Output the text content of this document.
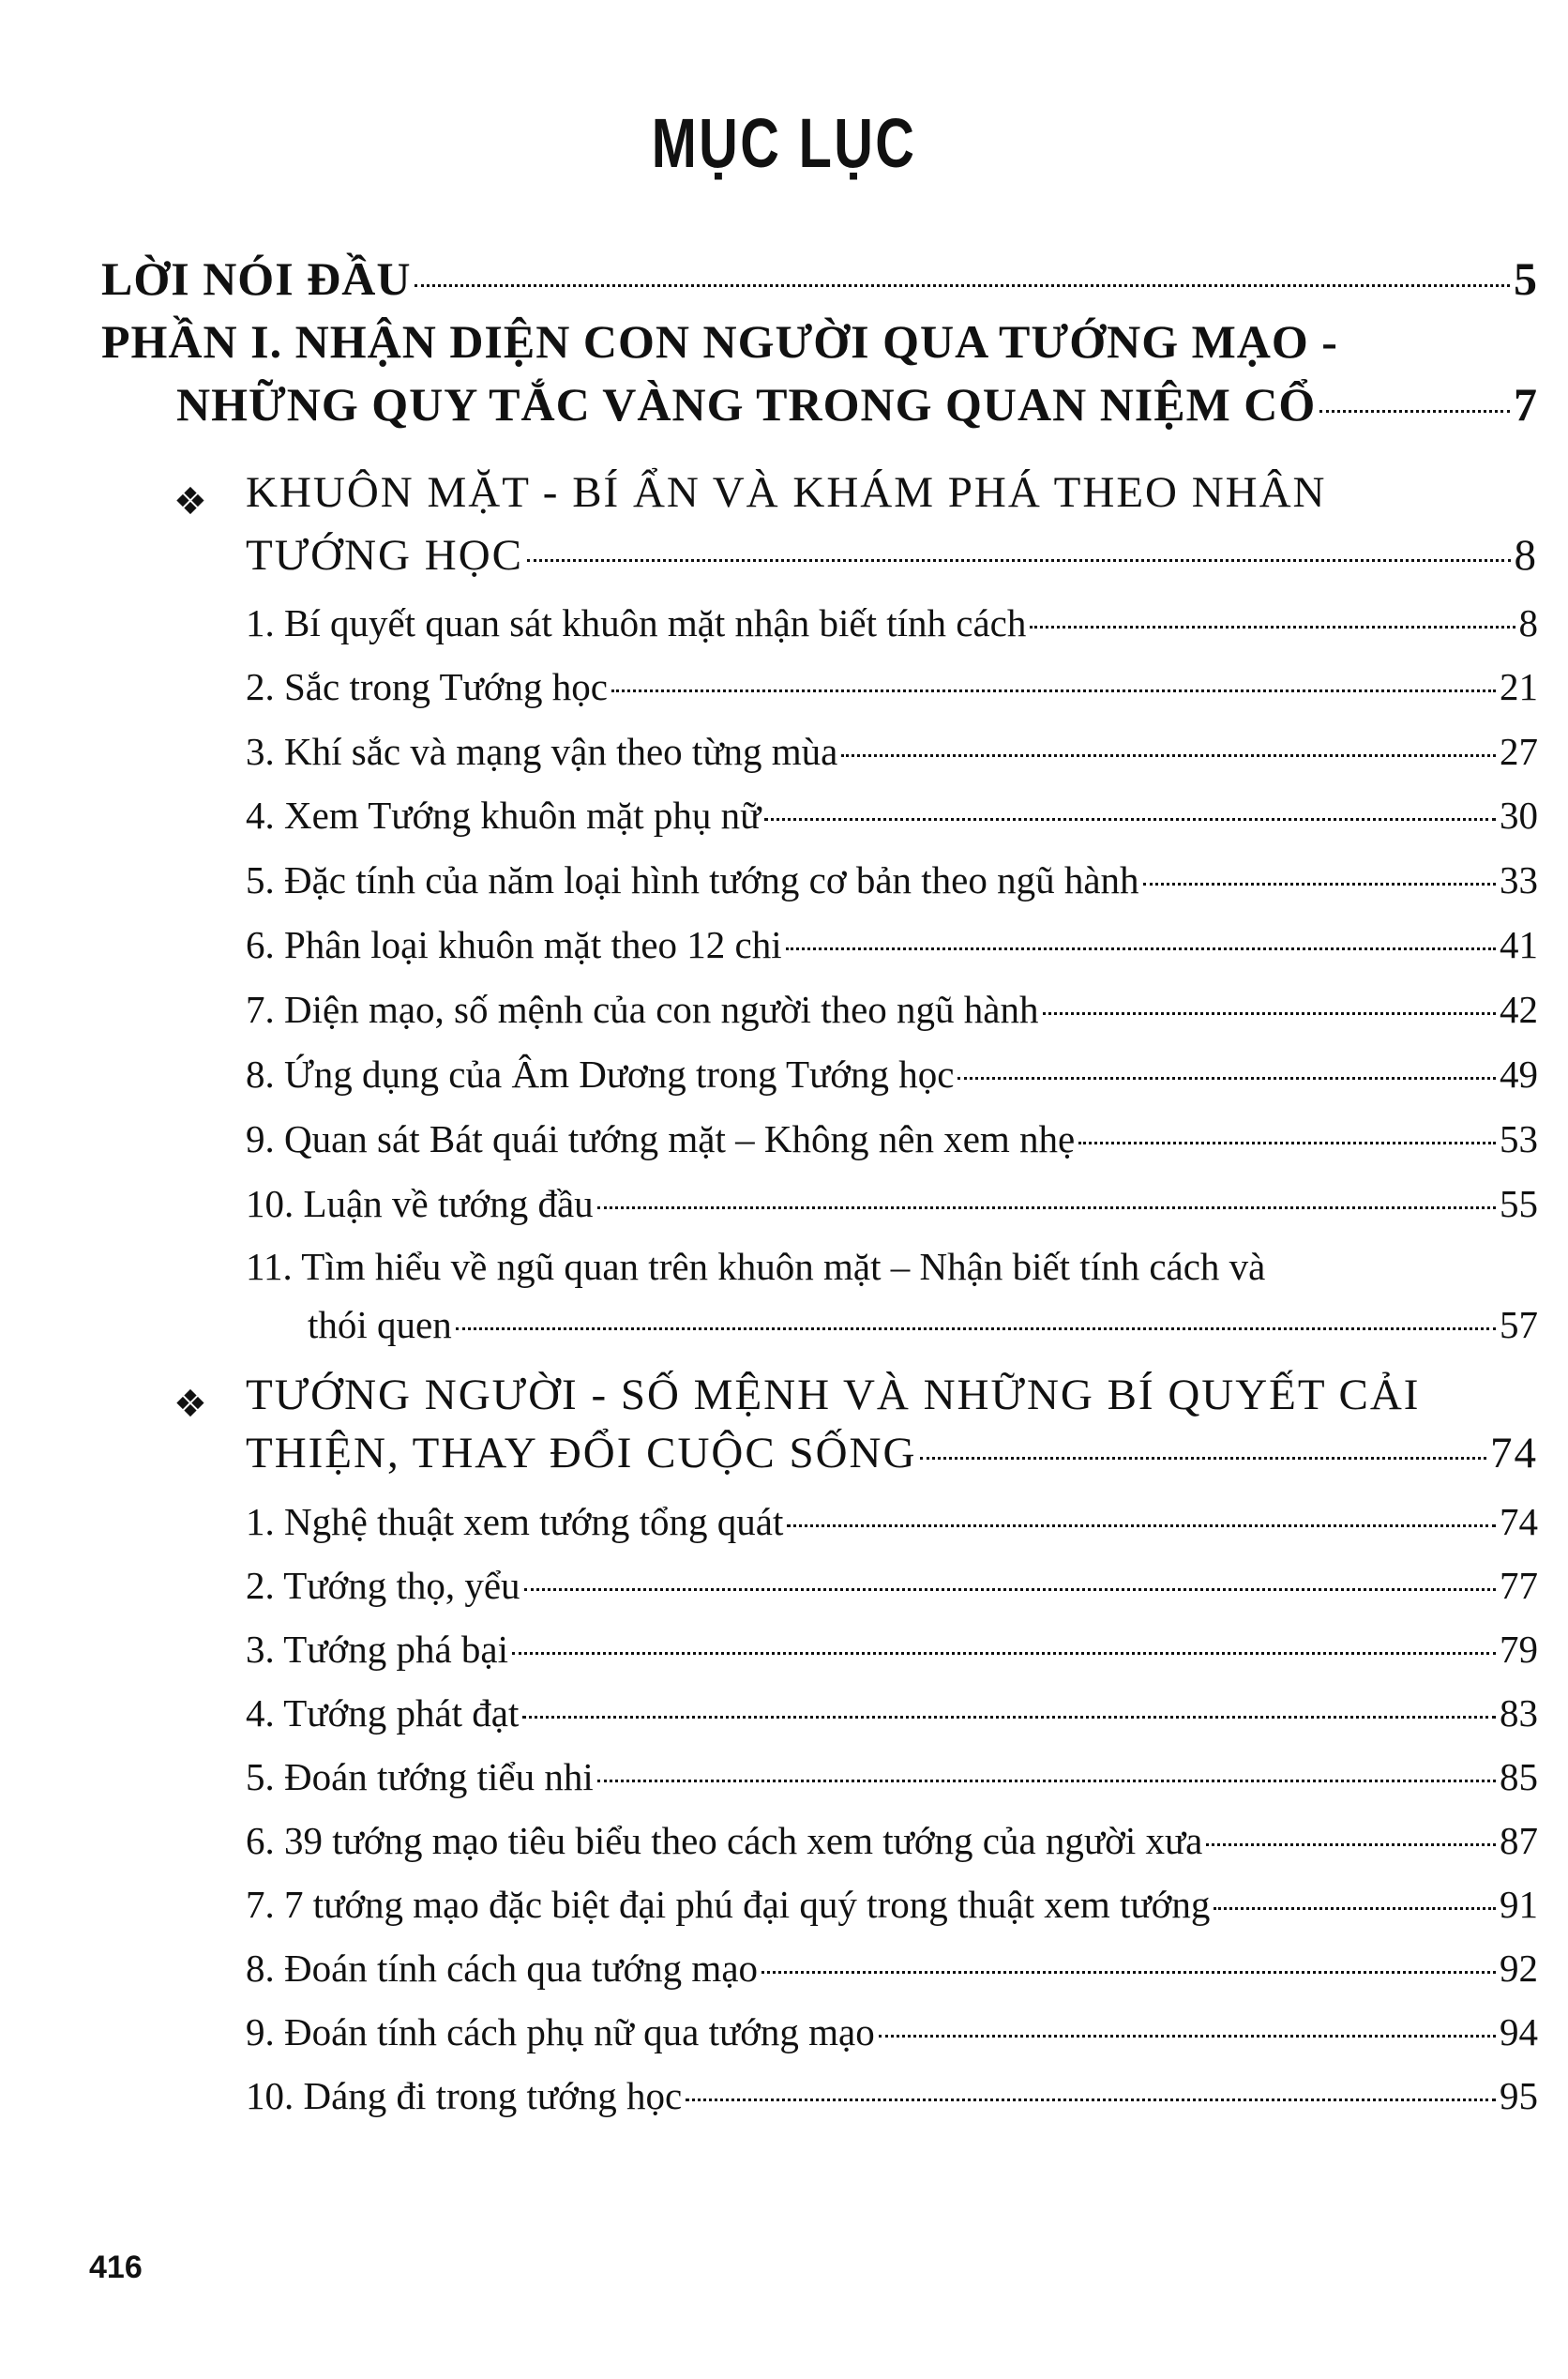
MỤC LỤC
LỜI NÓI ĐẦU	5
PHẦN I. NHẬN DIỆN CON NGƯỜI QUA TƯỚNG MẠO -
NHỮNG QUY TẮC VÀNG TRONG QUAN NIỆM CỔ	7
❖ KHUÔN MẶT - BÍ ẨN VÀ KHÁM PHÁ THEO NHÂN
TƯỚNG HỌC	8
1. Bí quyết quan sát khuôn mặt nhận biết tính cách	8
2. Sắc trong Tướng học	21
3. Khí sắc và mạng vận theo từng mùa	27
4. Xem Tướng khuôn mặt phụ nữ	30
5. Đặc tính của năm loại hình tướng cơ bản theo ngũ hành	33
6. Phân loại khuôn mặt theo 12 chi	41
7. Diện mạo, số mệnh của con người theo ngũ hành	42
8. Ứng dụng của Âm Dương trong Tướng học	49
9. Quan sát Bát quái tướng mặt – Không nên xem nhẹ	53
10. Luận về tướng đầu	55
11. Tìm hiểu về ngũ quan trên khuôn mặt – Nhận biết tính cách và
thói quen	57
❖ TƯỚNG NGƯỜI - SỐ MỆNH VÀ NHỮNG BÍ QUYẾT CẢI
THIỆN, THAY ĐỔI CUỘC SỐNG	74
1. Nghệ thuật xem tướng tổng quát	74
2. Tướng thọ, yểu	77
3. Tướng phá bại	79
4. Tướng phát đạt	83
5. Đoán tướng tiểu nhi	85
6. 39 tướng mạo tiêu biểu theo cách xem tướng của người xưa	87
7. 7 tướng mạo đặc biệt đại phú đại quý trong thuật xem tướng	91
8. Đoán tính cách qua tướng mạo	92
9. Đoán tính cách phụ nữ qua tướng mạo	94
10. Dáng đi trong tướng học	95
416
